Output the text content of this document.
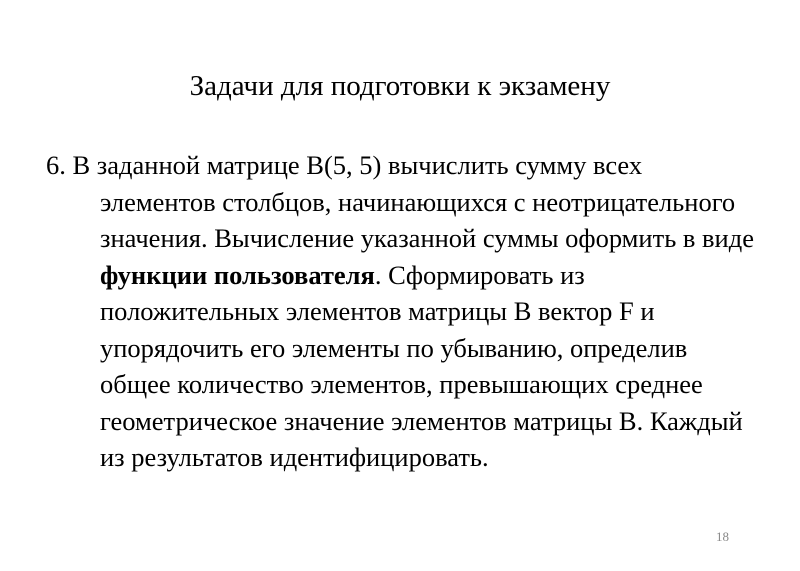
Задачи для подготовки к экзамену

6. В заданной матрице B(5, 5) вычислить сумму всех элементов столбцов, начинающихся с неотрицательного значения. Вычисление указанной суммы оформить в виде функции пользователя. Сформировать из положительных элементов матрицы B вектор F и упорядочить его элементы по убыванию, определив общее количество элементов, превышающих среднее геометрическое значение элементов матрицы B. Каждый из результатов идентифицировать.

18
